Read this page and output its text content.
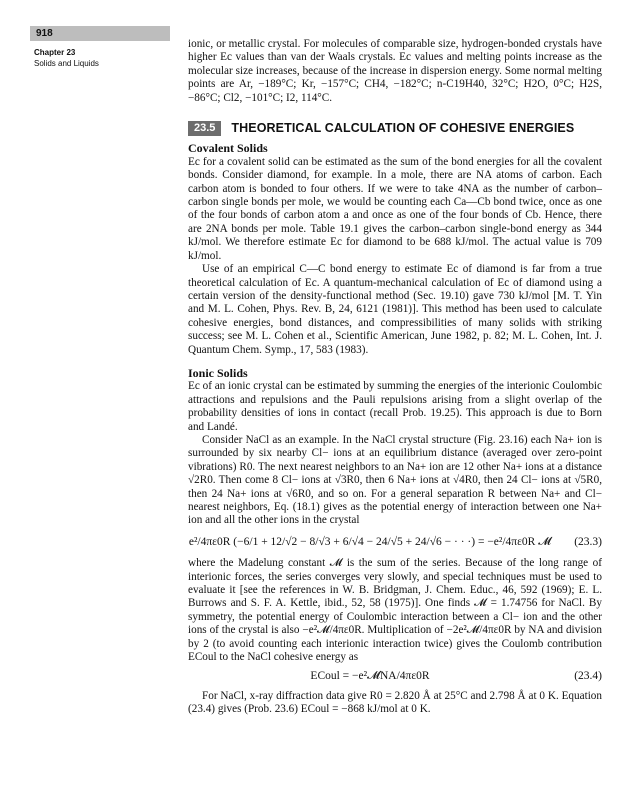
918
Chapter 23
Solids and Liquids

ionic, or metallic crystal. For molecules of comparable size, hydrogen-bonded crystals have higher Ec values than van der Waals crystals. Ec values and melting points increase as the molecular size increases, because of the increase in dispersion energy. Some normal melting points are Ar, −189°C; Kr, −157°C; CH4, −182°C; n-C19H40, 32°C; H2O, 0°C; H2S, −86°C; Cl2, −101°C; I2, 114°C.

23.5	THEORETICAL CALCULATION OF COHESIVE ENERGIES
Covalent Solids

Ec for a covalent solid can be estimated as the sum of the bond energies for all the covalent bonds. Consider diamond, for example. In a mole, there are NA atoms of carbon. Each carbon atom is bonded to four others. If we were to take 4NA as the number of carbon–carbon single bonds per mole, we would be counting each Ca—Cb bond twice, once as one of the four bonds of carbon atom a and once as one of the four bonds of Cb. Hence, there are 2NA bonds per mole. Table 19.1 gives the carbon–carbon single-bond energy as 344 kJ/mol. We therefore estimate Ec for diamond to be 688 kJ/mol. The actual value is 709 kJ/mol.

Use of an empirical C—C bond energy to estimate Ec of diamond is far from a true theoretical calculation of Ec. A quantum-mechanical calculation of Ec of diamond using a certain version of the density-functional method (Sec. 19.10) gave 730 kJ/mol [M. T. Yin and M. L. Cohen, Phys. Rev. B, 24, 6121 (1981)]. This method has been used to calculate cohesive energies, bond distances, and compressibilities of many solids with striking success; see M. L. Cohen et al., Scientific American, June 1982, p. 82; M. L. Cohen, Int. J. Quantum Chem. Symp., 17, 583 (1983).

Ionic Solids

Ec of an ionic crystal can be estimated by summing the energies of the interionic Coulombic attractions and repulsions and the Pauli repulsions arising from a slight overlap of the probability densities of ions in contact (recall Prob. 19.25). This approach is due to Born and Landé.

Consider NaCl as an example. In the NaCl crystal structure (Fig. 23.16) each Na+ ion is surrounded by six nearby Cl− ions at an equilibrium distance (averaged over zero-point vibrations) R0. The next nearest neighbors to an Na+ ion are 12 other Na+ ions at a distance √2R0. Then come 8 Cl− ions at √3R0, then 6 Na+ ions at √4R0, then 24 Cl− ions at √5R0, then 24 Na+ ions at √6R0, and so on. For a general separation R between Na+ and Cl− nearest neighbors, Eq. (18.1) gives as the potential energy of interaction between one Na+ ion and all the other ions in the crystal

e²/4πε0R (−6/1 + 12/√2 − 8/√3 + 6/√4 − 24/√5 + 24/√6 − · · ·) = −e²/4πε0R 𝓜	(23.3)

where the Madelung constant 𝓜 is the sum of the series. Because of the long range of interionic forces, the series converges very slowly, and special techniques must be used to evaluate it [see the references in W. B. Bridgman, J. Chem. Educ., 46, 592 (1969); E. L. Burrows and S. F. A. Kettle, ibid., 52, 58 (1975)]. One finds 𝓜 = 1.74756 for NaCl. By symmetry, the potential energy of Coulombic interaction between a Cl− ion and the other ions of the crystal is also −e²𝓜/4πε0R. Multiplication of −2e²𝓜/4πε0R by NA and division by 2 (to avoid counting each interionic interaction twice) gives the Coulomb contribution ECoul to the NaCl cohesive energy as

ECoul = −e²𝓜NA/4πε0R	(23.4)

For NaCl, x-ray diffraction data give R0 = 2.820 Å at 25°C and 2.798 Å at 0 K. Equation (23.4) gives (Prob. 23.6) ECoul = −868 kJ/mol at 0 K.
